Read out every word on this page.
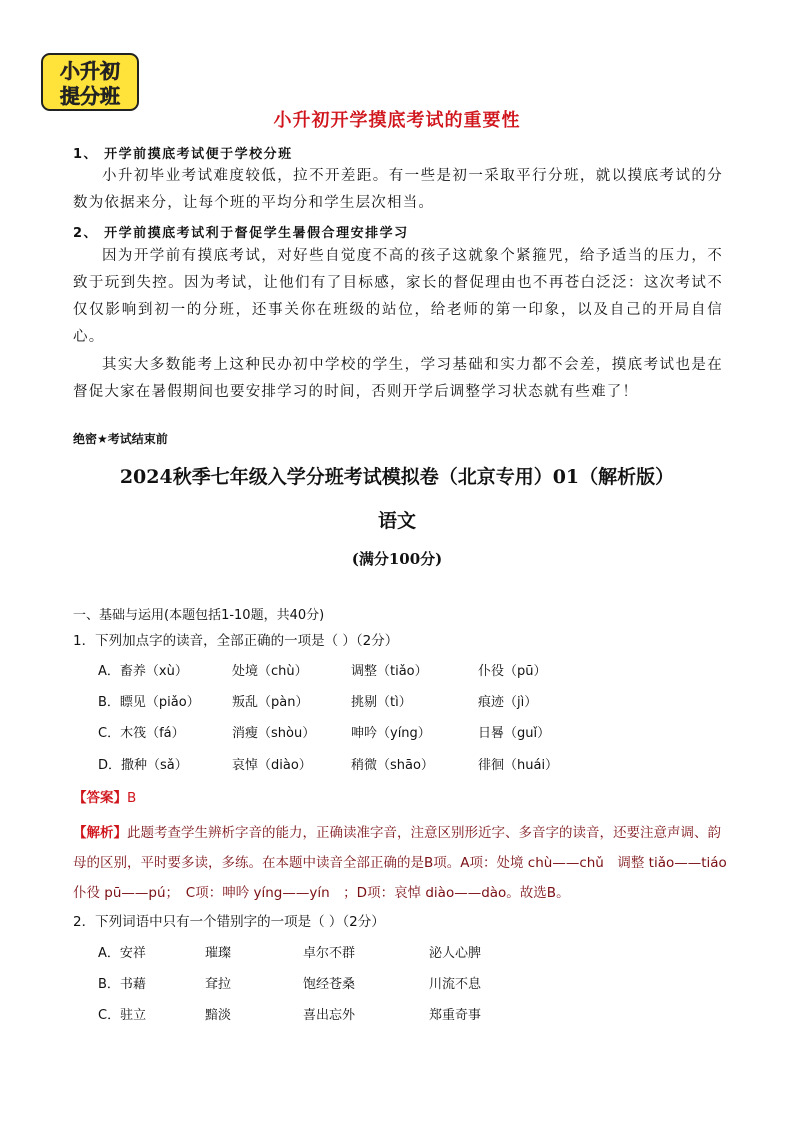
小升初
提分班
小升初开学摸底考试的重要性
1、 开学前摸底考试便于学校分班
小升初毕业考试难度较低，拉不开差距。有一些是初一采取平行分班，就以摸底考试的分数为依据来分，让每个班的平均分和学生层次相当。
2、 开学前摸底考试利于督促学生暑假合理安排学习
因为开学前有摸底考试，对好些自觉度不高的孩子这就象个紧箍咒，给予适当的压力，不致于玩到失控。因为考试，让他们有了目标感，家长的督促理由也不再苍白泛泛：这次考试不仅仅影响到初一的分班，还事关你在班级的站位，给老师的第一印象，以及自己的开局自信心。
其实大多数能考上这种民办初中学校的学生，学习基础和实力都不会差，摸底考试也是在督促大家在暑假期间也要安排学习的时间，否则开学后调整学习状态就有些难了！
绝密★考试结束前
2024秋季七年级入学分班考试模拟卷（北京专用）01（解析版）
语文
(满分100分)
一、基础与运用(本题包括1-10题，共40分)
1．下列加点字的读音，全部正确的一项是（ ）（2分）
A．畜养（xù）	处境（chù）	调整（tiǎo）	仆役（pū）
B．瞟见（piǎo） 叛乱（pàn）	挑剔（tì）	痕迹（jì）
C．木筏（fá）	消瘦（shòu）	呻吟（yíng）	日晷（guǐ）
D．撒种（sǎ）	哀悼（diào）	稍微（shāo）	徘徊（huái）
【答案】B
【解析】此题考查学生辨析字音的能力，正确读准字音，注意区别形近字、多音字的读音，还要注意声调、韵母的区别，平时要多读，多练。在本题中读音全部正确的是B项。A项：处境 chù——chǔ　调整 tiǎo——tiáo　仆役 pū——pú；　C项：呻吟 yíng——yín　；D项：哀悼 diào——dào。故选B。
2．下列词语中只有一个错别字的一项是（ ）（2分）
A．安祥	璀璨	卓尔不群	泌人心脾
B．书藉	耷拉	饱经苍桑	川流不息
C．驻立	黯淡	喜出忘外	郑重奇事
